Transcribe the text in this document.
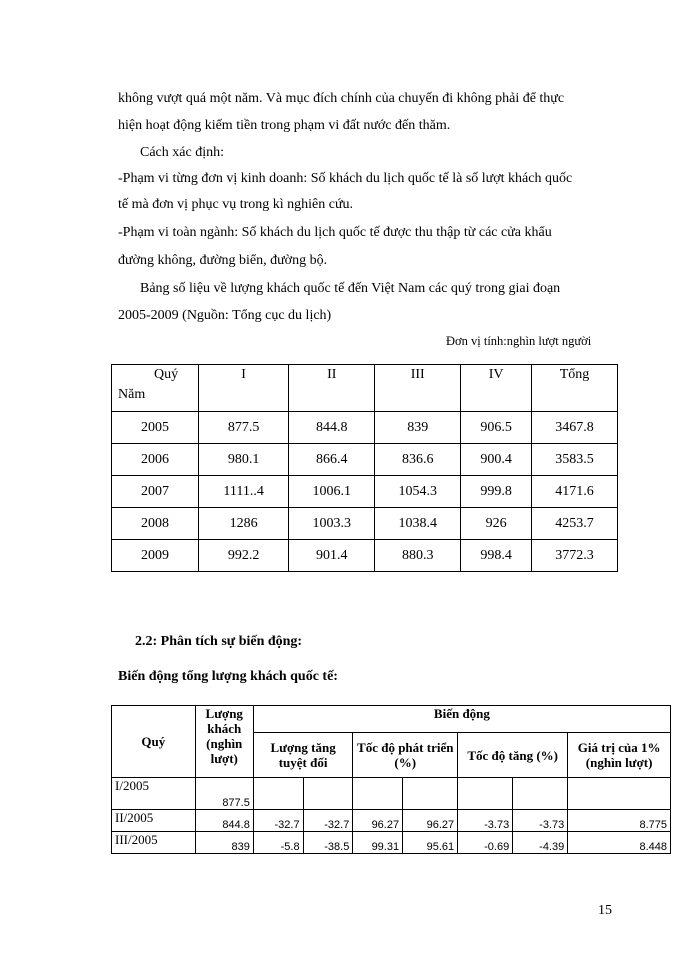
không vượt quá một năm. Và mục đích chính của chuyến đi không phải để thực
hiện hoạt động kiếm tiền trong phạm vi đất nước đến thăm.
Cách xác định:
-Phạm vi từng đơn vị kinh doanh: Số khách du lịch quốc tế là số lượt khách quốc
tế mà đơn vị phục vụ trong kì nghiên cứu.
-Phạm vi toàn ngành: Số khách du lịch quốc tế được thu thập từ các cửa khẩu
đường không, đường biển, đường bộ.
Bảng số liệu về lượng khách quốc tế đến Việt Nam các quý trong giai đoạn
2005-2009 (Nguồn: Tổng cục du lịch)
Đơn vị tính:nghìn lượt người
Quý
Năm	I	II	III	IV	Tổng
2005	877.5	844.8	839	906.5	3467.8
2006	980.1	866.4	836.6	900.4	3583.5
2007	1111..4	1006.1	1054.3	999.8	4171.6
2008	1286	1003.3	1038.4	926	4253.7
2009	992.2	901.4	880.3	998.4	3772.3
2.2: Phân tích sự biến động:
Biến động tổng lượng khách quốc tế:
Quý	Lượng khách (nghìn lượt)	Biến động						
		Lượng tăng tuyệt đối		Tốc độ phát triển (%)		Tốc độ tăng (%)		Giá trị của 1% (nghìn lượt)
I/2005	877.5							
II/2005	844.8	-32.7	-32.7	96.27	96.27	-3.73	-3.73	8.775
III/2005	839	-5.8	-38.5	99.31	95.61	-0.69	-4.39	8.448
15
